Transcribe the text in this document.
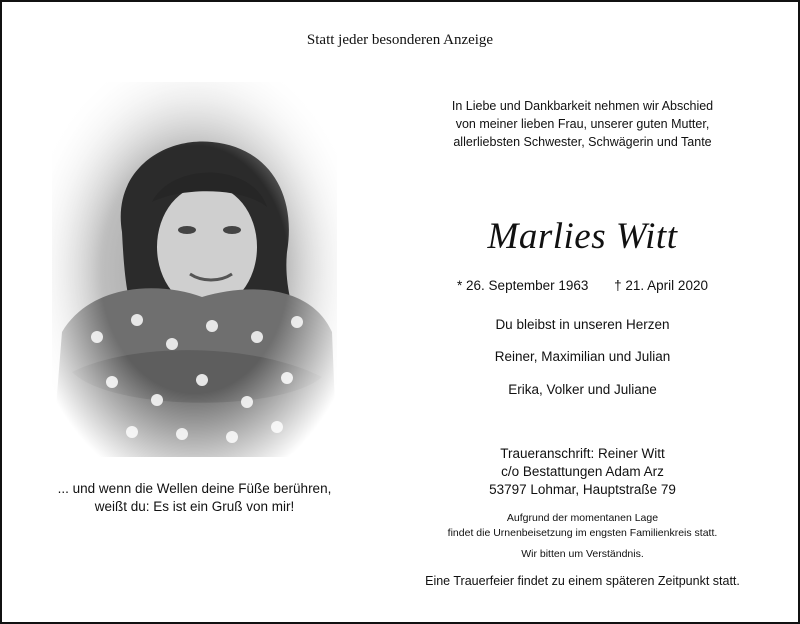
Statt jeder besonderen Anzeige
... und wenn die Wellen deine Füße berühren,
weißt du: Es ist ein Gruß von mir!
In Liebe und Dankbarkeit nehmen wir Abschied
von meiner lieben Frau, unserer guten Mutter,
allerliebsten Schwester, Schwägerin und Tante
Marlies Witt
* 26. September 1963 † 21. April 2020
Du bleibst in unseren Herzen
Reiner, Maximilian und Julian
Erika, Volker und Juliane
Traueranschrift: Reiner Witt
c/o Bestattungen Adam Arz
53797 Lohmar, Hauptstraße 79
Aufgrund der momentanen Lage
findet die Urnenbeisetzung im engsten Familienkreis statt.
Wir bitten um Verständnis.
Eine Trauerfeier findet zu einem späteren Zeitpunkt statt.
